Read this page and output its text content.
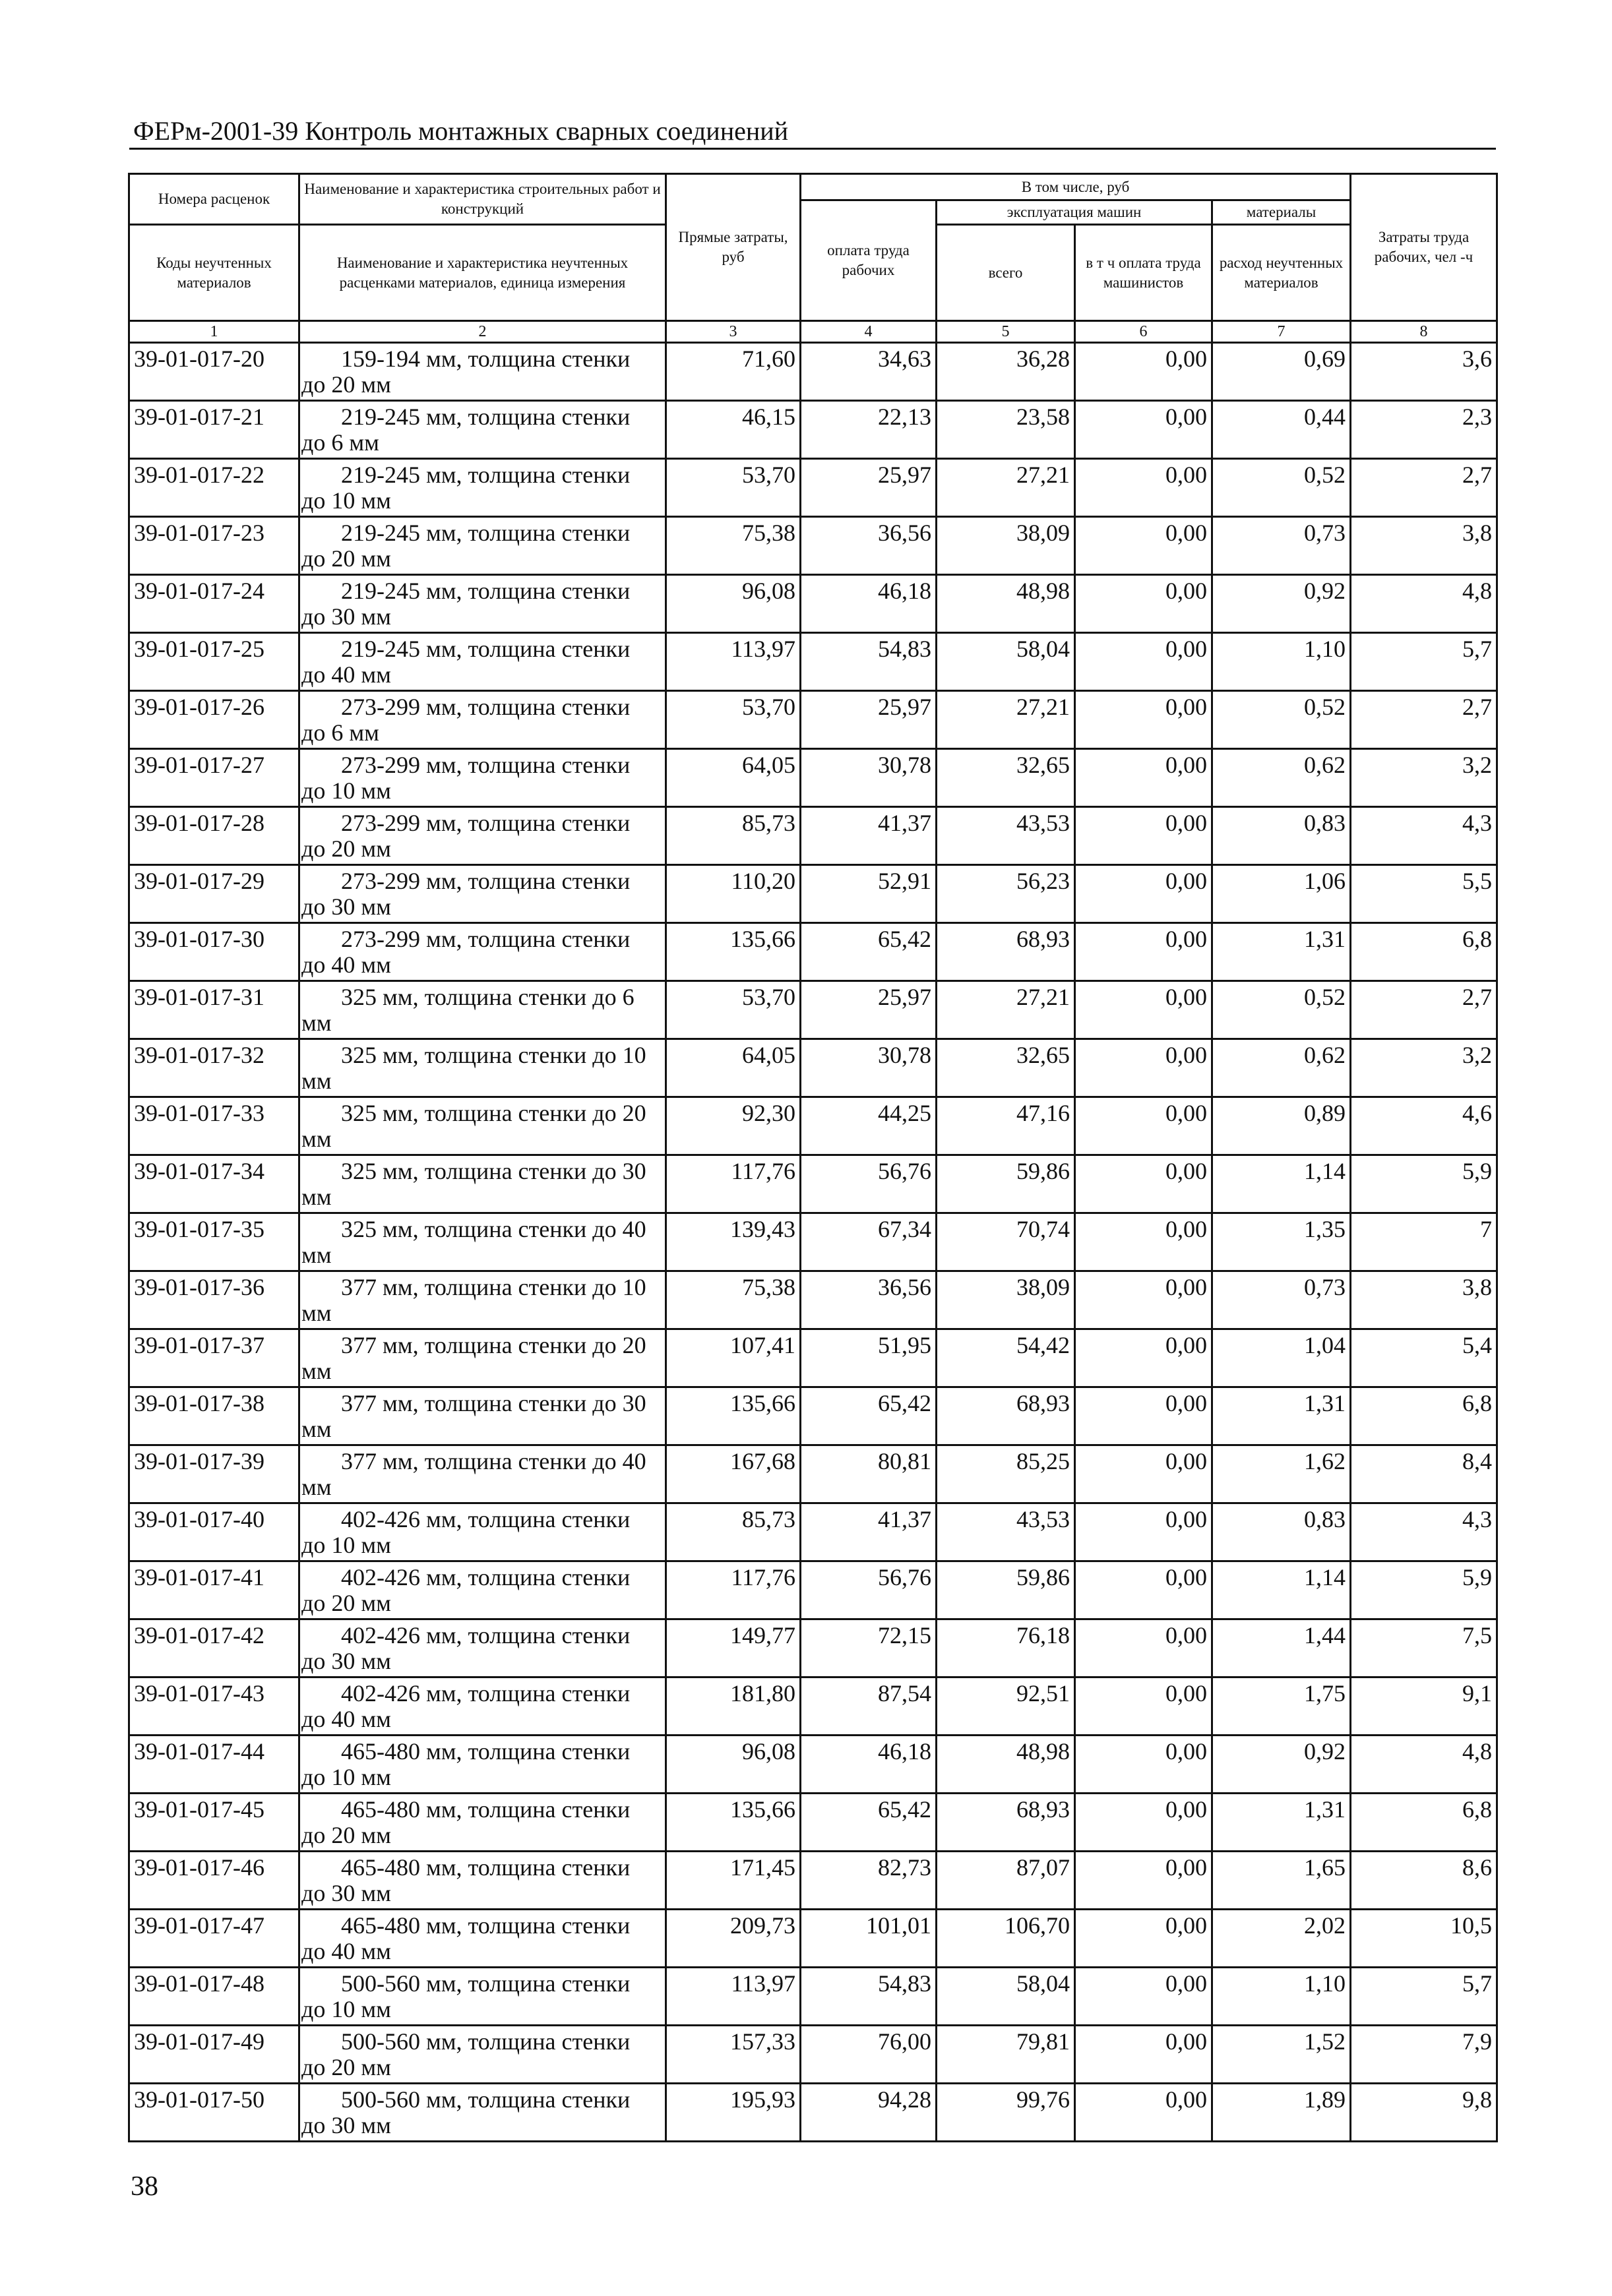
ФЕРм-2001-39 Контроль монтажных сварных соединений
Номера расценок	Наименование и характеристика строительных работ и конструкций	Прямые затраты, руб	В том числе, руб				Затраты труда рабочих, чел -ч
			оплата труда рабочих	эксплуатация машин		материалы	
Коды неучтенных материалов	Наименование и характеристика неучтенных расценками материалов, единица измерения			всего	в т ч оплата труда машинистов	расход неучтенных материалов	

1	2	3	4	5	6	7	8
39-01-017-20	159-194 мм, толщина стенки
до 20 мм	71,60	34,63	36,28	0,00	0,69	3,6
39-01-017-21	219-245 мм, толщина стенки
до 6 мм	46,15	22,13	23,58	0,00	0,44	2,3
39-01-017-22	219-245 мм, толщина стенки
до 10 мм	53,70	25,97	27,21	0,00	0,52	2,7
39-01-017-23	219-245 мм, толщина стенки
до 20 мм	75,38	36,56	38,09	0,00	0,73	3,8
39-01-017-24	219-245 мм, толщина стенки
до 30 мм	96,08	46,18	48,98	0,00	0,92	4,8
39-01-017-25	219-245 мм, толщина стенки
до 40 мм	113,97	54,83	58,04	0,00	1,10	5,7
39-01-017-26	273-299 мм, толщина стенки
до 6 мм	53,70	25,97	27,21	0,00	0,52	2,7
39-01-017-27	273-299 мм, толщина стенки
до 10 мм	64,05	30,78	32,65	0,00	0,62	3,2
39-01-017-28	273-299 мм, толщина стенки
до 20 мм	85,73	41,37	43,53	0,00	0,83	4,3
39-01-017-29	273-299 мм, толщина стенки
до 30 мм	110,20	52,91	56,23	0,00	1,06	5,5
39-01-017-30	273-299 мм, толщина стенки
до 40 мм	135,66	65,42	68,93	0,00	1,31	6,8
39-01-017-31	325 мм, толщина стенки до 6
мм	53,70	25,97	27,21	0,00	0,52	2,7
39-01-017-32	325 мм, толщина стенки до 10
мм	64,05	30,78	32,65	0,00	0,62	3,2
39-01-017-33	325 мм, толщина стенки до 20
мм	92,30	44,25	47,16	0,00	0,89	4,6
39-01-017-34	325 мм, толщина стенки до 30
мм	117,76	56,76	59,86	0,00	1,14	5,9
39-01-017-35	325 мм, толщина стенки до 40
мм	139,43	67,34	70,74	0,00	1,35	7
39-01-017-36	377 мм, толщина стенки до 10
мм	75,38	36,56	38,09	0,00	0,73	3,8
39-01-017-37	377 мм, толщина стенки до 20
мм	107,41	51,95	54,42	0,00	1,04	5,4
39-01-017-38	377 мм, толщина стенки до 30
мм	135,66	65,42	68,93	0,00	1,31	6,8
39-01-017-39	377 мм, толщина стенки до 40
мм	167,68	80,81	85,25	0,00	1,62	8,4
39-01-017-40	402-426 мм, толщина стенки
до 10 мм	85,73	41,37	43,53	0,00	0,83	4,3
39-01-017-41	402-426 мм, толщина стенки
до 20 мм	117,76	56,76	59,86	0,00	1,14	5,9
39-01-017-42	402-426 мм, толщина стенки
до 30 мм	149,77	72,15	76,18	0,00	1,44	7,5
39-01-017-43	402-426 мм, толщина стенки
до 40 мм	181,80	87,54	92,51	0,00	1,75	9,1
39-01-017-44	465-480 мм, толщина стенки
до 10 мм	96,08	46,18	48,98	0,00	0,92	4,8
39-01-017-45	465-480 мм, толщина стенки
до 20 мм	135,66	65,42	68,93	0,00	1,31	6,8
39-01-017-46	465-480 мм, толщина стенки
до 30 мм	171,45	82,73	87,07	0,00	1,65	8,6
39-01-017-47	465-480 мм, толщина стенки
до 40 мм	209,73	101,01	106,70	0,00	2,02	10,5
39-01-017-48	500-560 мм, толщина стенки
до 10 мм	113,97	54,83	58,04	0,00	1,10	5,7
39-01-017-49	500-560 мм, толщина стенки
до 20 мм	157,33	76,00	79,81	0,00	1,52	7,9
39-01-017-50	500-560 мм, толщина стенки
до 30 мм	195,93	94,28	99,76	0,00	1,89	9,8
38
